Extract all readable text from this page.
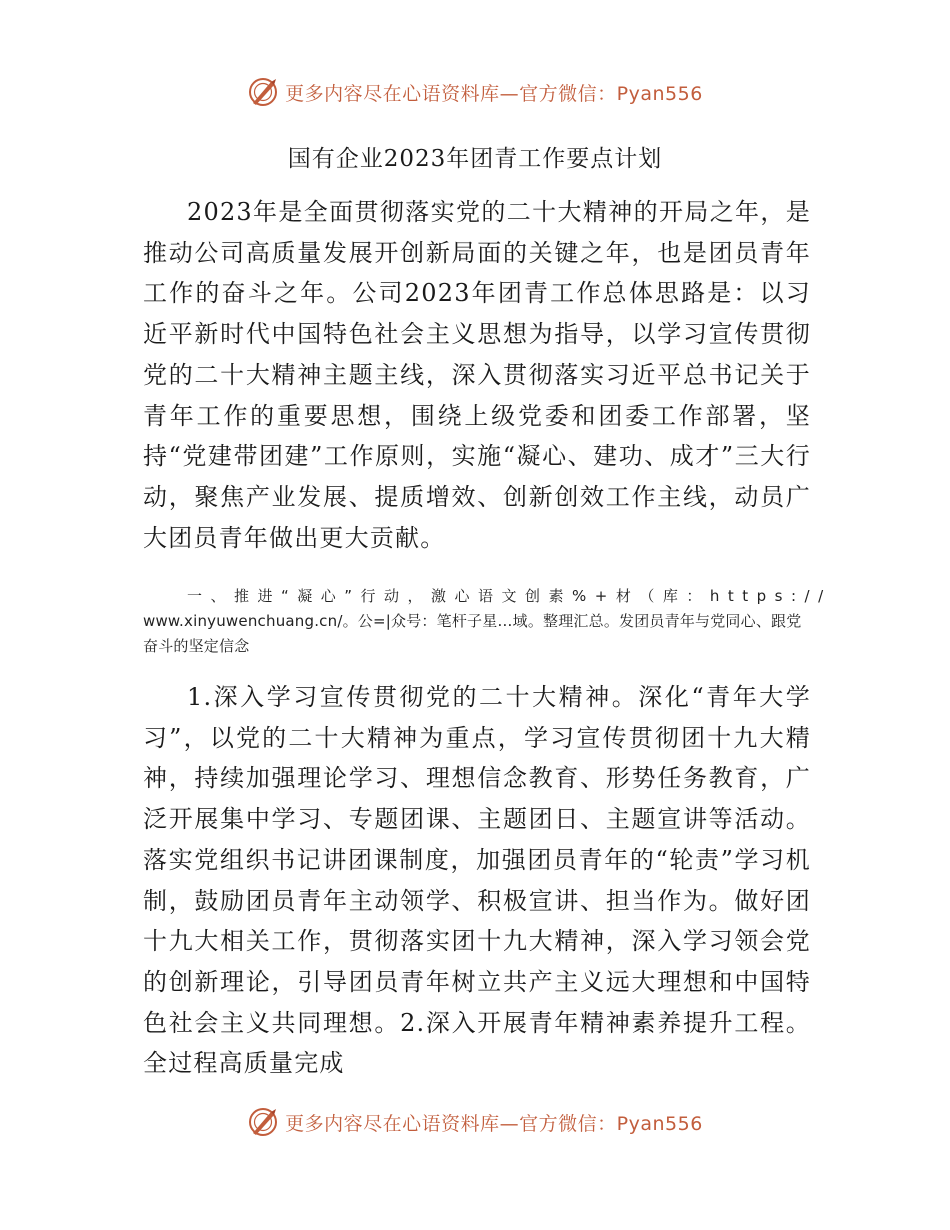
更多内容尽在心语资料库—官方微信：Pyan556
国有企业2023年团青工作要点计划
2023年是全面贯彻落实党的二十大精神的开局之年，是推动公司高质量发展开创新局面的关键之年，也是团员青年工作的奋斗之年。公司2023年团青工作总体思路是：以习近平新时代中国特色社会主义思想为指导，以学习宣传贯彻党的二十大精神主题主线，深入贯彻落实习近平总书记关于青年工作的重要思想，围绕上级党委和团委工作部署，坚持“党建带团建”工作原则，实施“凝心、建功、成才”三大行动，聚焦产业发展、提质增效、创新创效工作主线，动员广大团员青年做出更大贡献。
一、推进“凝心”行动，激心语文创素%+材（库：https://
www.xinyuwenchuang.cn/。公=|众号：笔杆子星…域。整理汇总。发团员青年与党同心、跟党奋斗的坚定信念
1.深入学习宣传贯彻党的二十大精神。深化“青年大学习”，以党的二十大精神为重点，学习宣传贯彻团十九大精神，持续加强理论学习、理想信念教育、形势任务教育，广泛开展集中学习、专题团课、主题团日、主题宣讲等活动。落实党组织书记讲团课制度，加强团员青年的“轮责”学习机制，鼓励团员青年主动领学、积极宣讲、担当作为。做好团十九大相关工作，贯彻落实团十九大精神，深入学习领会党的创新理论，引导团员青年树立共产主义远大理想和中国特色社会主义共同理想。2.深入开展青年精神素养提升工程。全过程高质量完成
更多内容尽在心语资料库—官方微信：Pyan556
